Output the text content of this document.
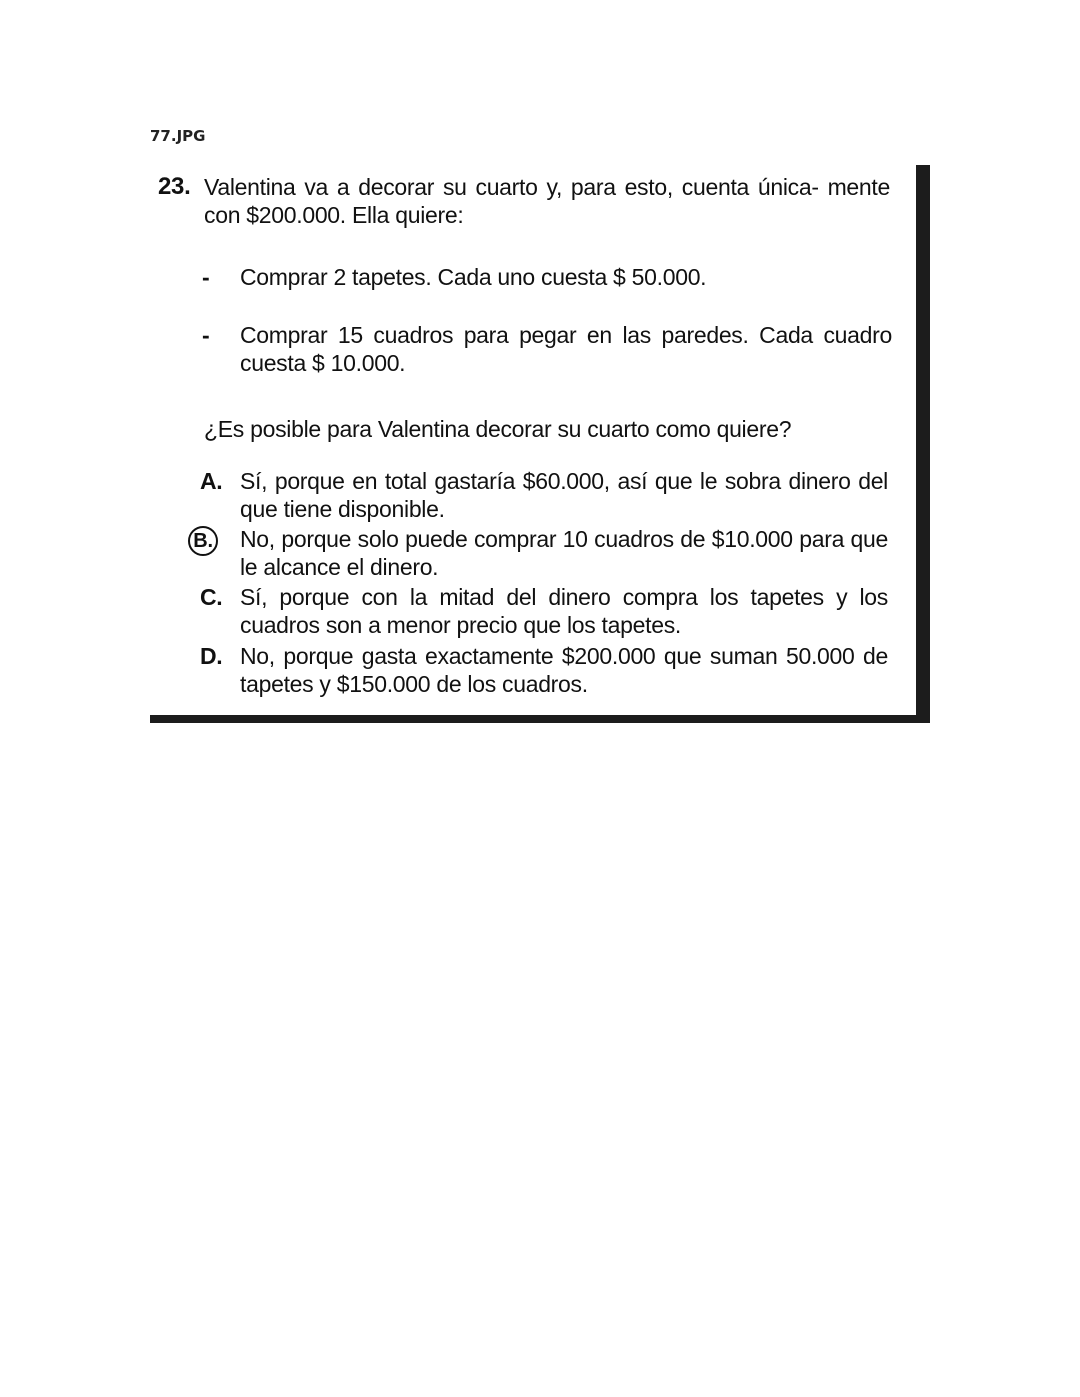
77.JPG
23. Valentina va a decorar su cuarto y, para esto, cuenta única- mente con $200.000. Ella quiere:
- Comprar 2 tapetes. Cada uno cuesta $ 50.000.
- Comprar 15 cuadros para pegar en las paredes. Cada cuadro cuesta $ 10.000.
¿Es posible para Valentina decorar su cuarto como quiere?
A. Sí, porque en total gastaría $60.000, así que le sobra dinero del que tiene disponible.
B. No, porque solo puede comprar 10 cuadros de $10.000 para que le alcance el dinero.
C. Sí, porque con la mitad del dinero compra los tapetes y los cuadros son a menor precio que los tapetes.
D. No, porque gasta exactamente $200.000 que suman 50.000 de tapetes y $150.000 de los cuadros.
